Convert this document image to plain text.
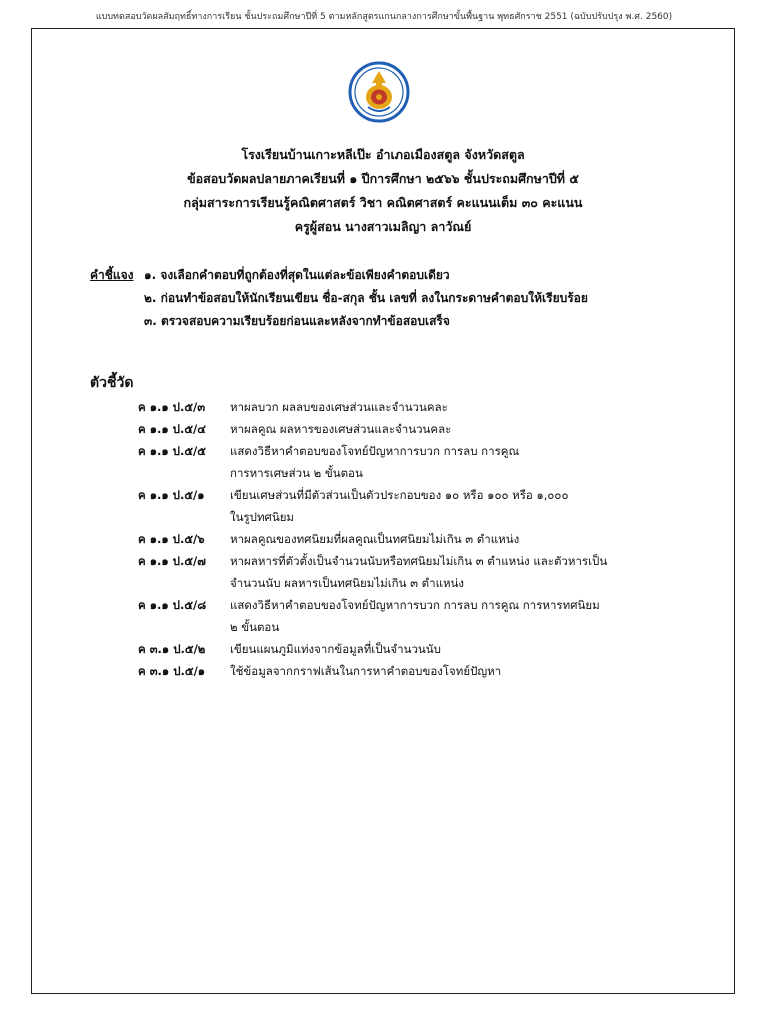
แบบทดสอบวัดผลสัมฤทธิ์ทางการเรียน ชั้นประถมศึกษาปีที่ 5 ตามหลักสูตรแกนกลางการศึกษาขั้นพื้นฐาน พุทธศักราช 2551 (ฉบับปรับปรุง พ.ศ. 2560)
โรงเรียนบ้านเกาะหลีเป๊ะ อำเภอเมืองสตูล จังหวัดสตูล
ข้อสอบวัดผลปลายภาคเรียนที่ ๑ ปีการศึกษา ๒๕๖๖ ชั้นประถมศึกษาปีที่ ๕
กลุ่มสาระการเรียนรู้คณิตศาสตร์ วิชา คณิตศาสตร์ คะแนนเต็ม ๓๐ คะแนน
ครูผู้สอน นางสาวเมลิญา ลาวัณย์
คำชี้แจง ๑. จงเลือกคำตอบที่ถูกต้องที่สุดในแต่ละข้อเพียงคำตอบเดียว
๒. ก่อนทำข้อสอบให้นักเรียนเขียน ชื่อ-สกุล ชั้น เลขที่ ลงในกระดาษคำตอบให้เรียบร้อย
๓. ตรวจสอบความเรียบร้อยก่อนและหลังจากทำข้อสอบเสร็จ
ตัวชี้วัด
ค ๑.๑ ป.๕/๓ หาผลบวก ผลลบของเศษส่วนและจำนวนคละ
ค ๑.๑ ป.๕/๔ หาผลคูณ ผลหารของเศษส่วนและจำนวนคละ
ค ๑.๑ ป.๕/๕ แสดงวิธีหาคำตอบของโจทย์ปัญหาการบวก การลบ การคูณ
การหารเศษส่วน ๒ ขั้นตอน
ค ๑.๑ ป.๕/๑ เขียนเศษส่วนที่มีตัวส่วนเป็นตัวประกอบของ ๑๐ หรือ ๑๐๐ หรือ ๑,๐๐๐
ในรูปทศนิยม
ค ๑.๑ ป.๕/๖ หาผลคูณของทศนิยมที่ผลคูณเป็นทศนิยมไม่เกิน ๓ ตำแหน่ง
ค ๑.๑ ป.๕/๗ หาผลหารที่ตัวตั้งเป็นจำนวนนับหรือทศนิยมไม่เกิน ๓ ตำแหน่ง และตัวหารเป็น
จำนวนนับ ผลหารเป็นทศนิยมไม่เกิน ๓ ตำแหน่ง
ค ๑.๑ ป.๕/๘ แสดงวิธีหาคำตอบของโจทย์ปัญหาการบวก การลบ การคูณ การหารทศนิยม
๒ ขั้นตอน
ค ๓.๑ ป.๕/๒ เขียนแผนภูมิแท่งจากข้อมูลที่เป็นจำนวนนับ
ค ๓.๑ ป.๕/๑ ใช้ข้อมูลจากกราฟเส้นในการหาคำตอบของโจทย์ปัญหา
